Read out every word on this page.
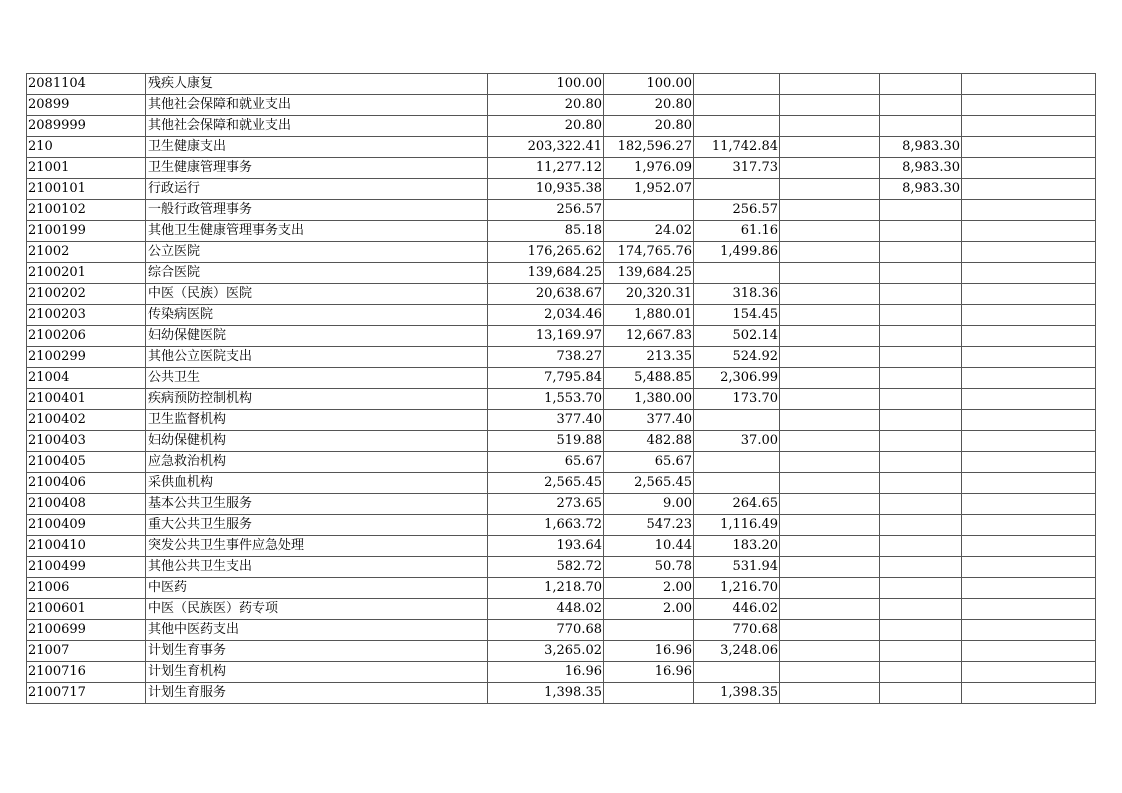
2081104	残疾人康复	100.00	100.00				
20899	其他社会保障和就业支出	20.80	20.80				
2089999	其他社会保障和就业支出	20.80	20.80				
210	卫生健康支出	203,322.41	182,596.27	11,742.84		8,983.30	
21001	卫生健康管理事务	11,277.12	1,976.09	317.73		8,983.30	
2100101	行政运行	10,935.38	1,952.07			8,983.30	
2100102	一般行政管理事务	256.57		256.57			
2100199	其他卫生健康管理事务支出	85.18	24.02	61.16			
21002	公立医院	176,265.62	174,765.76	1,499.86			
2100201	综合医院	139,684.25	139,684.25				
2100202	中医（民族）医院	20,638.67	20,320.31	318.36			
2100203	传染病医院	2,034.46	1,880.01	154.45			
2100206	妇幼保健医院	13,169.97	12,667.83	502.14			
2100299	其他公立医院支出	738.27	213.35	524.92			
21004	公共卫生	7,795.84	5,488.85	2,306.99			
2100401	疾病预防控制机构	1,553.70	1,380.00	173.70			
2100402	卫生监督机构	377.40	377.40				
2100403	妇幼保健机构	519.88	482.88	37.00			
2100405	应急救治机构	65.67	65.67				
2100406	采供血机构	2,565.45	2,565.45				
2100408	基本公共卫生服务	273.65	9.00	264.65			
2100409	重大公共卫生服务	1,663.72	547.23	1,116.49			
2100410	突发公共卫生事件应急处理	193.64	10.44	183.20			
2100499	其他公共卫生支出	582.72	50.78	531.94			
21006	中医药	1,218.70	2.00	1,216.70			
2100601	中医（民族医）药专项	448.02	2.00	446.02			
2100699	其他中医药支出	770.68		770.68			
21007	计划生育事务	3,265.02	16.96	3,248.06			
2100716	计划生育机构	16.96	16.96				
2100717	计划生育服务	1,398.35		1,398.35			
